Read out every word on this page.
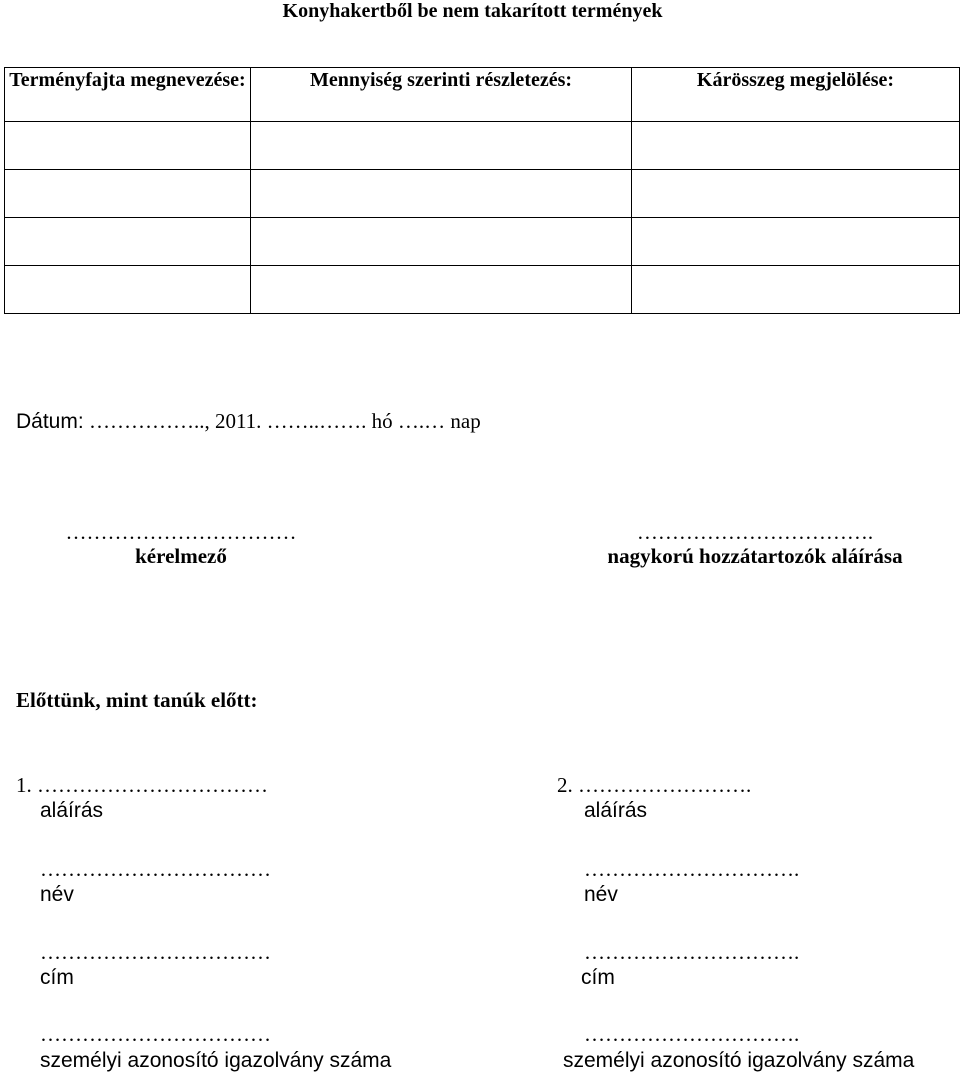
Konyhakertből be nem takarított termények
Terményfajta megnevezése:	Mennyiség szerinti részletezés:	Kárösszeg megjelölése:

Dátum: …………….., 2011. ……..……. hó ….… nap
……………………………
kérelmező
…………………………….
nagykorú hozzátartozók aláírása
Előttünk, mint tanúk előtt:
1. ……………………………
aláírás
……………………………
név
……………………………
cím
……………………………
személyi azonosító igazolvány száma
2. …………………….
aláírás
………………………….
név
………………………….
cím
………………………….
személyi azonosító igazolvány száma
